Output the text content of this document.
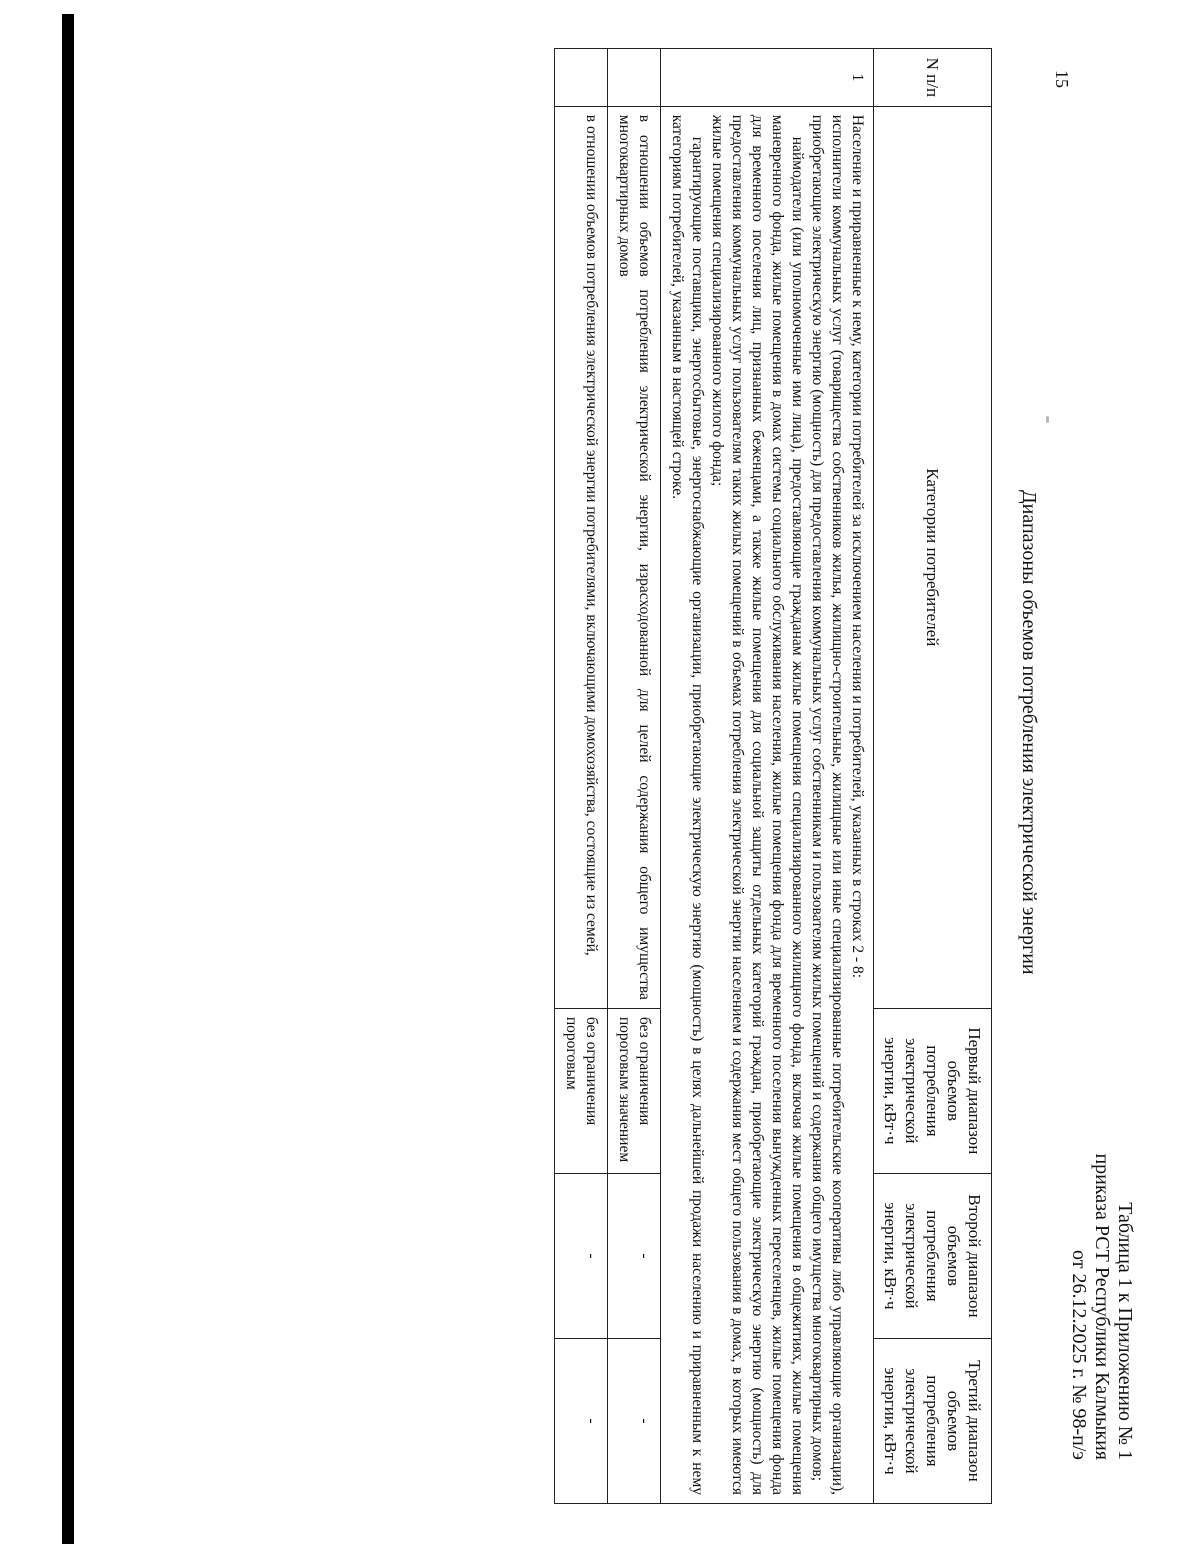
15
Таблица 1 к Приложению № 1
приказа РСТ Республики Калмыкия
от 26.12.2025 г. № 98-п/э
Диапазоны объемов потребления электрической энергии
N п/п	Категории потребителей	Первый диапазон объемов потребления электрической энергии, кВт·ч	Второй диапазон объемов потребления электрической энергии, кВт·ч	Третий диапазон объемов потребления электрической энергии, кВт·ч
1	Население и приравненные к нему, категории потребителей за исключением населения и потребителей, указанных в строках 2 - 8:

исполнители коммунальных услуг (товарищества собственников жилья, жилищно-строительные, жилищные или иные специализированные потребительские кооперативы либо управляющие организации), приобретающие электрическую энергию (мощность) для предоставления коммунальных услуг собственникам и пользователям жилых помещений и содержания общего имущества многоквартирных домов;

наймодатели (или уполномоченные ими лица), предоставляющие гражданам жилые помещения специализированного жилищного фонда, включая жилые помещения в общежитиях, жилые помещения маневренного фонда, жилые помещения в домах системы социального обслуживания населения, жилые помещения фонда для временного поселения вынужденных переселенцев, жилые помещения фонда для временного поселения лиц, признанных беженцами, а также жилые помещения для социальной защиты отдельных категорий граждан, приобретающие электрическую энергию (мощность) для предоставления коммунальных услуг пользователям таких жилых помещений в объемах потребления электрической энергии населением и содержания мест общего пользования в домах, в которых имеются жилые помещения специализированного жилого фонда;

гарантирующие поставщики, энергосбытовые, энергоснабжающие организации, приобретающие электрическую энергию (мощность) в целях дальнейшей продажи населению и приравненным к нему категориям потребителей, указанным в настоящей строке.			

	в отношении объемов потребления электрической энергии, израсходованной для целей содержания общего имущества многоквартирных домов	без ограничения пороговым значением	-	-
	в отношении объемов потребления электрической энергии потребителями, включающими домохозяйства, состоящие из семей,	без ограничения пороговым	-	-
